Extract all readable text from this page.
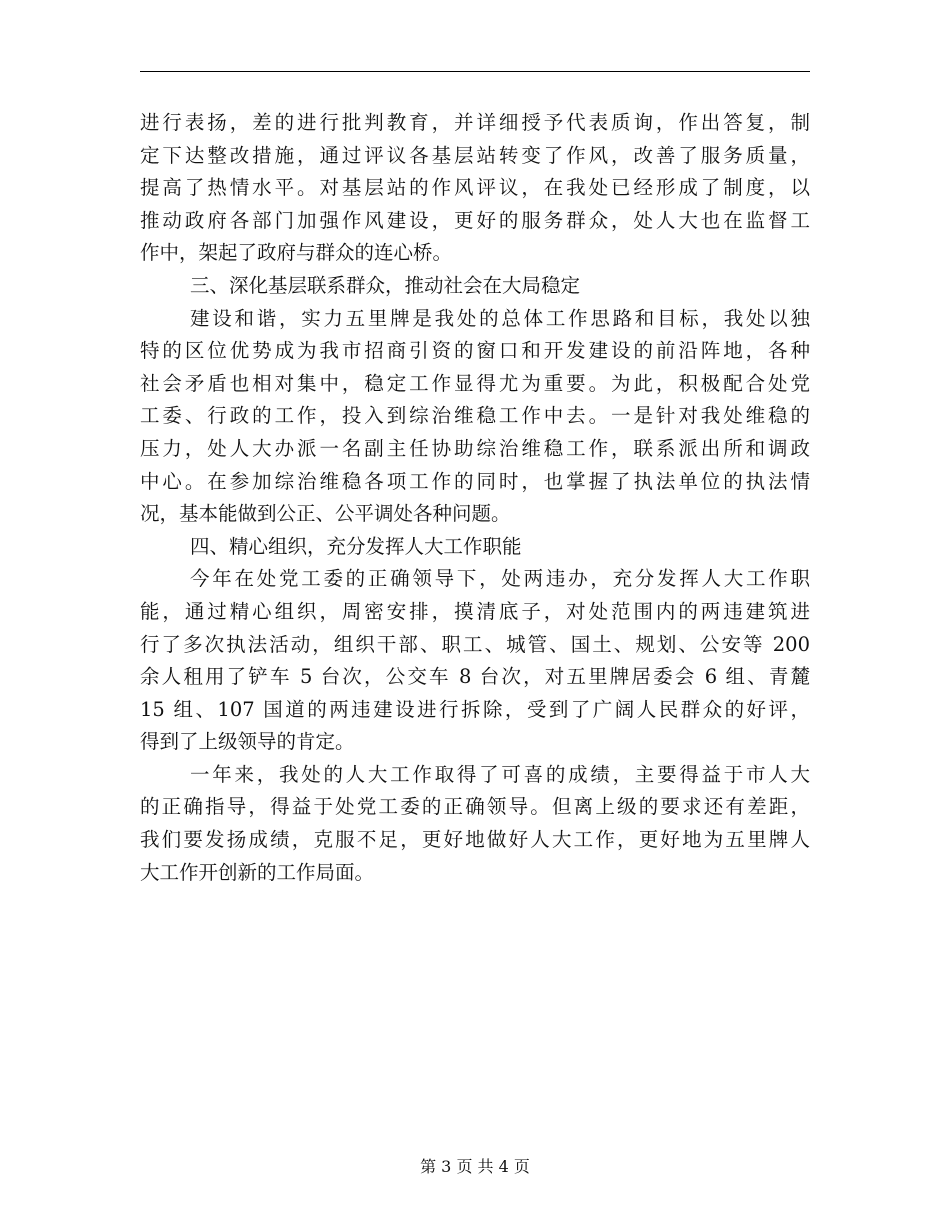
进行表扬，差的进行批判教育，并详细授予代表质询，作出答复，制
定下达整改措施，通过评议各基层站转变了作风，改善了服务质量，
提高了热情水平。对基层站的作风评议，在我处已经形成了制度，以
推动政府各部门加强作风建设，更好的服务群众，处人大也在监督工
作中，架起了政府与群众的连心桥。
三、深化基层联系群众，推动社会在大局稳定
建设和谐，实力五里牌是我处的总体工作思路和目标，我处以独
特的区位优势成为我市招商引资的窗口和开发建设的前沿阵地，各种
社会矛盾也相对集中，稳定工作显得尤为重要。为此，积极配合处党
工委、行政的工作，投入到综治维稳工作中去。一是针对我处维稳的
压力，处人大办派一名副主任协助综治维稳工作，联系派出所和调政
中心。在参加综治维稳各项工作的同时，也掌握了执法单位的执法情
况，基本能做到公正、公平调处各种问题。
四、精心组织，充分发挥人大工作职能
今年在处党工委的正确领导下，处两违办，充分发挥人大工作职
能，通过精心组织，周密安排，摸清底子，对处范围内的两违建筑进
行了多次执法活动，组织干部、职工、城管、国土、规划、公安等 200
余人租用了铲车 5 台次，公交车 8 台次，对五里牌居委会 6 组、青麓
15 组、107 国道的两违建设进行拆除，受到了广阔人民群众的好评，
得到了上级领导的肯定。
一年来，我处的人大工作取得了可喜的成绩，主要得益于市人大
的正确指导，得益于处党工委的正确领导。但离上级的要求还有差距，
我们要发扬成绩，克服不足，更好地做好人大工作，更好地为五里牌人
大工作开创新的工作局面。
第 3 页 共 4 页
